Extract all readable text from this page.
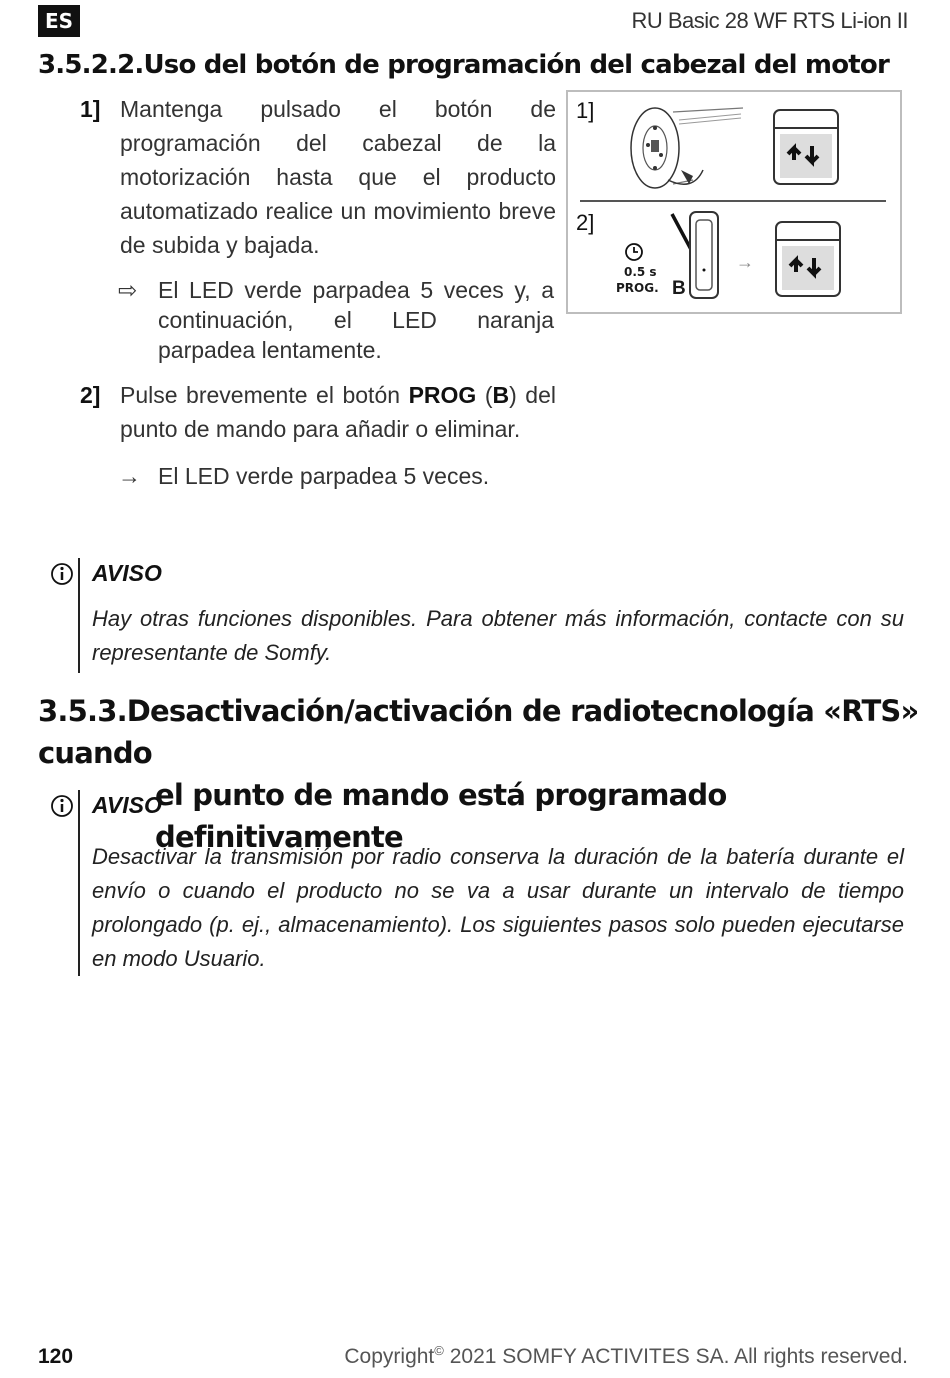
ES	RU Basic 28 WF RTS Li-ion II
3.5.2.2.Uso del botón de programación del cabezal del motor
1] Mantenga pulsado el botón de programación del cabezal de la motorización hasta que el producto automatizado realice un movimiento breve de subida y bajada.
⇨ El LED verde parpadea 5 veces y, a continuación, el LED naranja parpadea lentamente.
2] Pulse brevemente el botón PROG (B) del punto de mando para añadir o eliminar.
→ El LED verde parpadea 5 veces.
1]
2]
0.5 s
PROG. B
→
AVISO
Hay otras funciones disponibles. Para obtener más información, contacte con su representante de Somfy.
3.5.3.Desactivación/activación de radiotecnología «RTS» cuando
el punto de mando está programado definitivamente
AVISO
Desactivar la transmisión por radio conserva la duración de la batería durante el envío o cuando el producto no se va a usar durante un intervalo de tiempo prolongado (p. ej., almacenamiento). Los siguientes pasos solo pueden ejecutarse en modo Usuario.
120	Copyright© 2021 SOMFY ACTIVITES SA. All rights reserved.
